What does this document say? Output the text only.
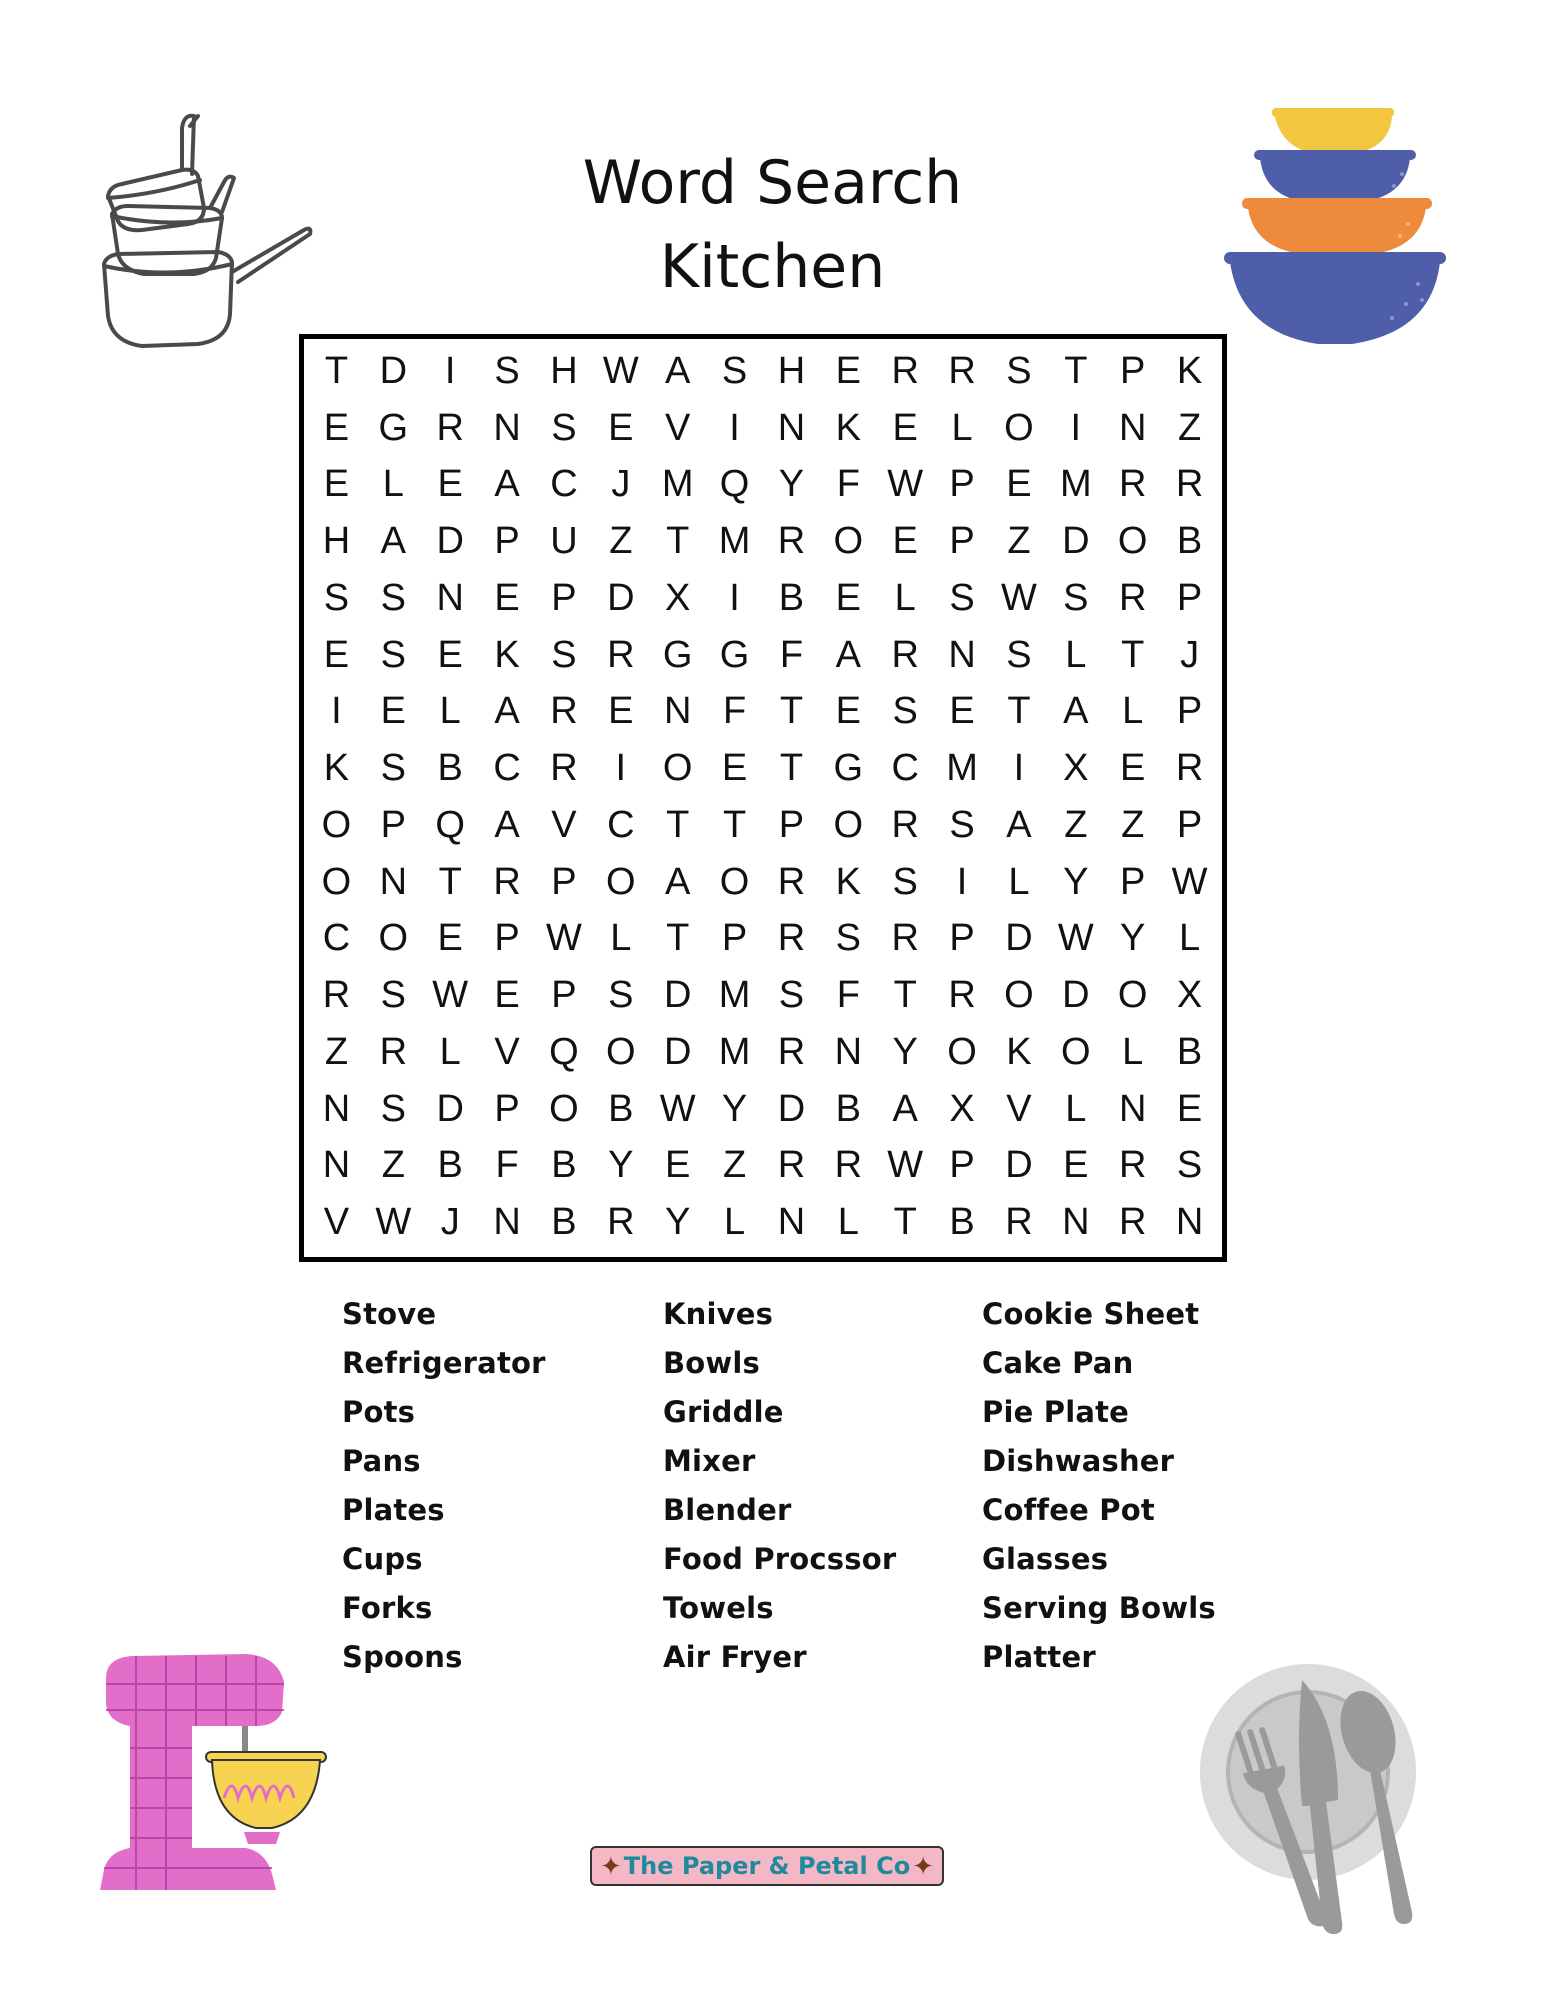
Word Search
Kitchen
T D I	S H W A S H E R R S T P K
E G R N S E V	I N K E L O I N Z
E L E A C J M Q Y F W P E M R R
H A D P U Z T M R O E P Z D O B
S S N E P D X	I	B E L S W S R P
E S E K S R G G F A R N S L T J
I	E L A R E N F T E S E T A L P
K S B C R I O E T G C M I	X E R
O P Q A V C T T P O R S A Z Z P
O N T R P O A O R K S	I	L Y P W
C O E P W L T P R S R P D W Y L
R S W E P S D M S F T R O D O X
Z R L V Q O D M R N Y O K O L B
N S D P O B W Y D B A X V L N E
N Z B F B Y E Z R R W P D E R S
V W J N B R Y L N L T B R N R N
Stove
Refrigerator
Pots
Pans
Plates
Cups
Forks
Spoons
Knives
Bowls
Griddle
Mixer
Blender
Food Procssor
Towels
Air Fryer
Cookie Sheet
Cake Pan
Pie Plate
Dishwasher
Coffee Pot
Glasses
Serving Bowls
Platter
✦ The Paper & Petal Co ✦
